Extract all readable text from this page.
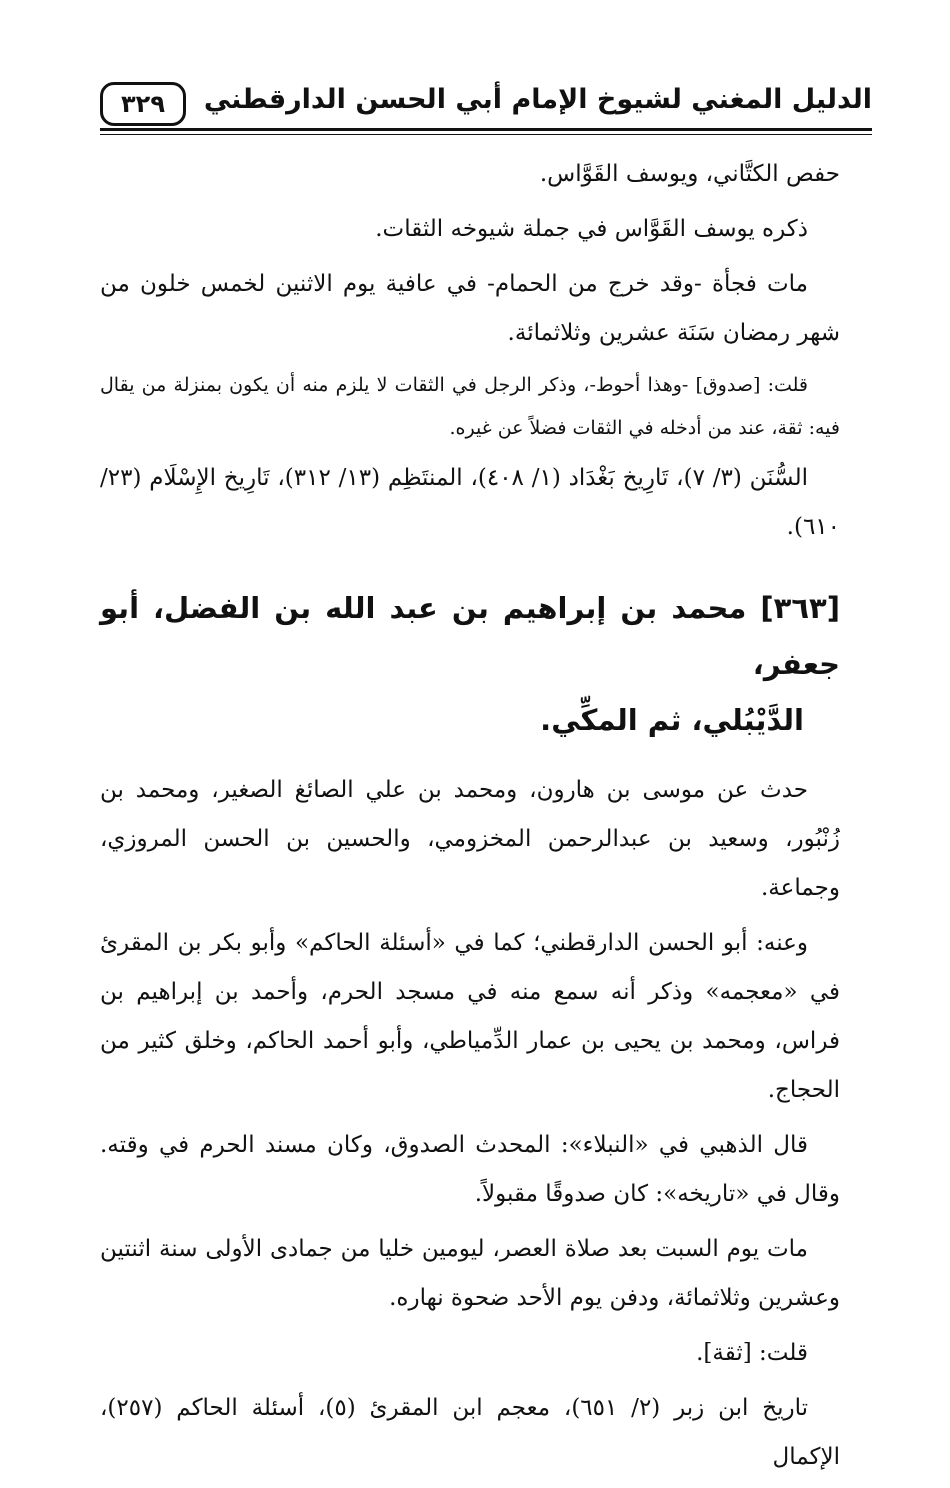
الدليل المغني لشيوخ الإمام أبي الحسن الدارقطني
٣٢٩

حفص الكتَّاني، ويوسف القَوَّاس.

ذكره يوسف القَوَّاس في جملة شيوخه الثقات.

مات فجأة -وقد خرج من الحمام- في عافية يوم الاثنين لخمس خلون من شهر رمضان سَنَة عشرين وثلاثمائة.

قلت: [صدوق] -وهذا أحوط-، وذكر الرجل في الثقات لا يلزم منه أن يكون بمنزلة من يقال فيه: ثقة، عند من أدخله في الثقات فضلاً عن غيره.

السُّنَن (٣/ ٧)، تَارِيخ بَغْدَاد (١/ ٤٠٨)، المنتَظِم (١٣/ ٣١٢)، تَارِيخ الإِسْلَام (٢٣/ ٦١٠).

[٣٦٣] محمد بن إبراهيم بن عبد الله بن الفضل، أبو جعفر،
الدَّيْبُلي، ثم المكِّي.

حدث عن موسى بن هارون، ومحمد بن علي الصائغ الصغير، ومحمد بن زُنْبُور، وسعيد بن عبدالرحمن المخزومي، والحسين بن الحسن المروزي، وجماعة.

وعنه: أبو الحسن الدارقطني؛ كما في «أسئلة الحاكم» وأبو بكر بن المقرئ في «معجمه» وذكر أنه سمع منه في مسجد الحرم، وأحمد بن إبراهيم بن فراس، ومحمد بن يحيى بن عمار الدِّمياطي، وأبو أحمد الحاكم، وخلق كثير من الحجاج.

قال الذهبي في «النبلاء»: المحدث الصدوق، وكان مسند الحرم في وقته. وقال في «تاريخه»: كان صدوقًا مقبولاً.

مات يوم السبت بعد صلاة العصر، ليومين خليا من جمادى الأولى سنة اثنتين وعشرين وثلاثمائة، ودفن يوم الأحد ضحوة نهاره.

قلت: [ثقة].

تاريخ ابن زبر (٢/ ٦٥١)، معجم ابن المقرئ (٥)، أسئلة الحاكم (٢٥٧)، الإكمال
